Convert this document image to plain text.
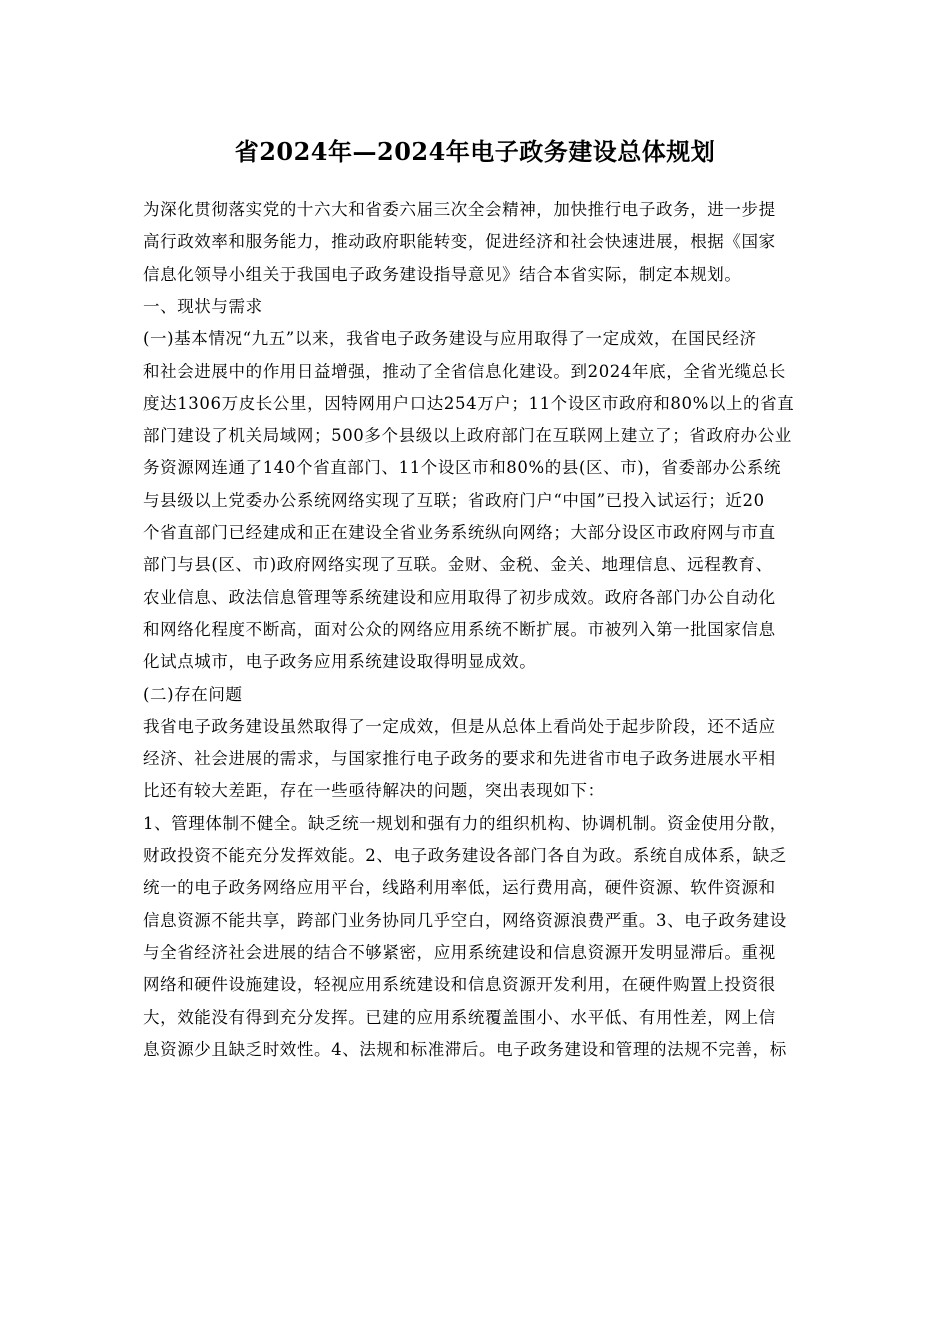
省2024年—2024年电子政务建设总体规划
为深化贯彻落实党的十六大和省委六届三次全会精神，加快推行电子政务，进一步提
高行政效率和服务能力，推动政府职能转变，促进经济和社会快速进展，根据《国家
信息化领导小组关于我国电子政务建设指导意见》结合本省实际，制定本规划。
一、现状与需求
(一)基本情况“九五”以来，我省电子政务建设与应用取得了一定成效，在国民经济
和社会进展中的作用日益增强，推动了全省信息化建设。到2024年底，全省光缆总长
度达1306万皮长公里，因特网用户口达254万户；11个设区市政府和80%以上的省直
部门建设了机关局域网；500多个县级以上政府部门在互联网上建立了；省政府办公业
务资源网连通了140个省直部门、11个设区市和80%的县(区、市)，省委部办公系统
与县级以上党委办公系统网络实现了互联；省政府门户“中国”已投入试运行；近20
个省直部门已经建成和正在建设全省业务系统纵向网络；大部分设区市政府网与市直
部门与县(区、市)政府网络实现了互联。金财、金税、金关、地理信息、远程教育、
农业信息、政法信息管理等系统建设和应用取得了初步成效。政府各部门办公自动化
和网络化程度不断高，面对公众的网络应用系统不断扩展。市被列入第一批国家信息
化试点城市，电子政务应用系统建设取得明显成效。
(二)存在问题
我省电子政务建设虽然取得了一定成效，但是从总体上看尚处于起步阶段，还不适应
经济、社会进展的需求，与国家推行电子政务的要求和先进省市电子政务进展水平相
比还有较大差距，存在一些亟待解决的问题，突出表现如下：
1、管理体制不健全。缺乏统一规划和强有力的组织机构、协调机制。资金使用分散，
财政投资不能充分发挥效能。2、电子政务建设各部门各自为政。系统自成体系，缺乏
统一的电子政务网络应用平台，线路利用率低，运行费用高，硬件资源、软件资源和
信息资源不能共享，跨部门业务协同几乎空白，网络资源浪费严重。3、电子政务建设
与全省经济社会进展的结合不够紧密，应用系统建设和信息资源开发明显滞后。重视
网络和硬件设施建设，轻视应用系统建设和信息资源开发利用，在硬件购置上投资很
大，效能没有得到充分发挥。已建的应用系统覆盖围小、水平低、有用性差，网上信
息资源少且缺乏时效性。4、法规和标准滞后。电子政务建设和管理的法规不完善，标
